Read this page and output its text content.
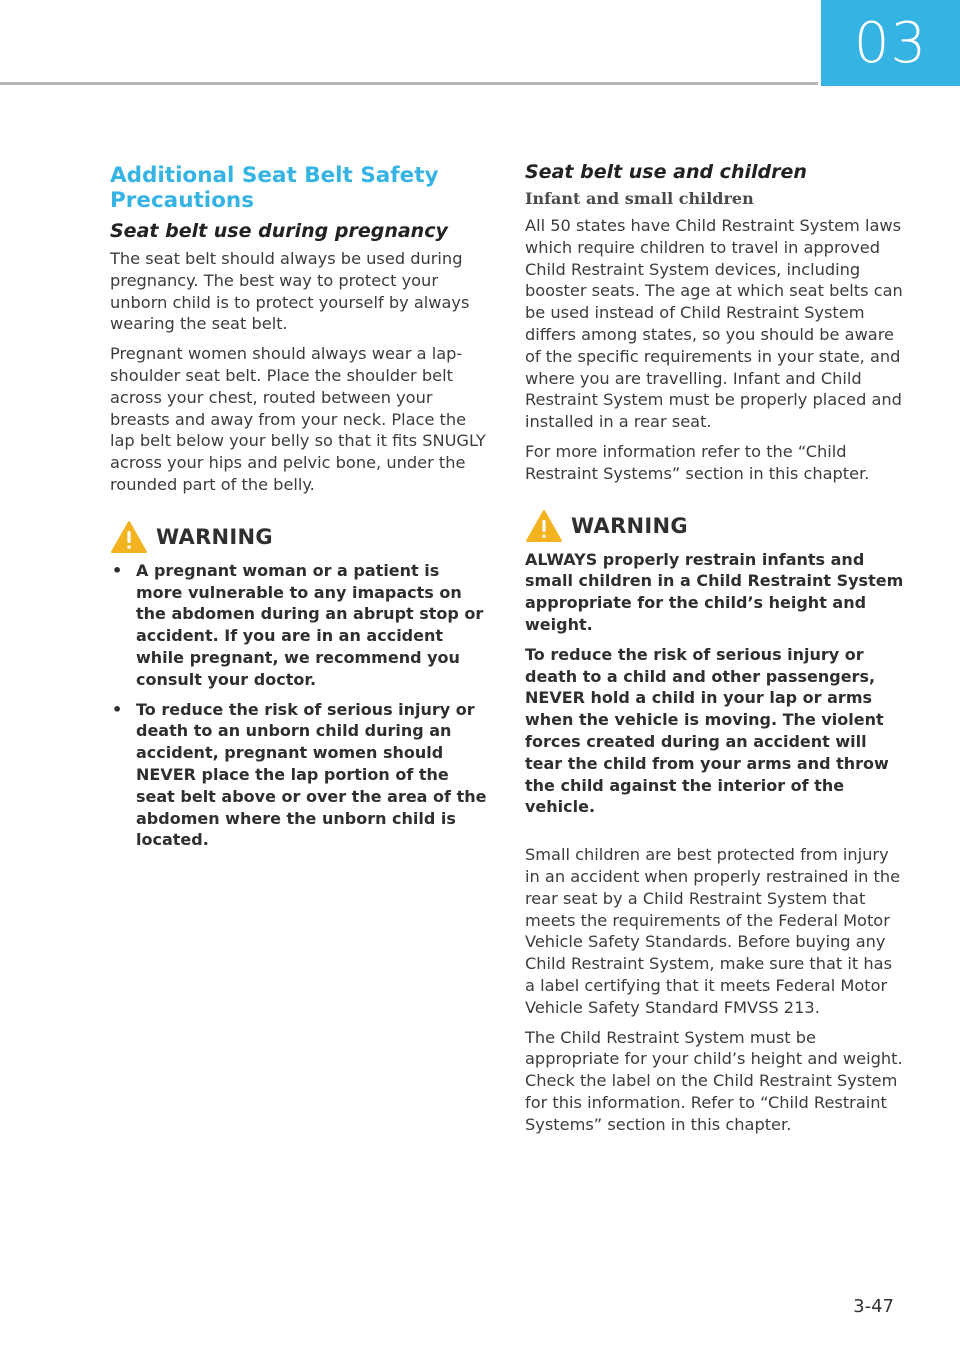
03
Additional Seat Belt Safety Precautions
Seat belt use during pregnancy

The seat belt should always be used during pregnancy. The best way to protect your unborn child is to protect yourself by always wearing the seat belt.

Pregnant women should always wear a lap-shoulder seat belt. Place the shoulder belt across your chest, routed between your breasts and away from your neck. Place the lap belt below your belly so that it fits SNUGLY across your hips and pelvic bone, under the rounded part of the belly.

WARNING
• A pregnant woman or a patient is more vulnerable to any imapacts on the abdomen during an abrupt stop or accident. If you are in an accident while pregnant, we recommend you consult your doctor.
• To reduce the risk of serious injury or death to an unborn child during an accident, pregnant women should NEVER place the lap portion of the seat belt above or over the area of the abdomen where the unborn child is located.
Seat belt use and children
Infant and small children

All 50 states have Child Restraint System laws which require children to travel in approved Child Restraint System devices, including booster seats. The age at which seat belts can be used instead of Child Restraint System differs among states, so you should be aware of the specific requirements in your state, and where you are travelling. Infant and Child Restraint System must be properly placed and installed in a rear seat.

For more information refer to the “Child Restraint Systems” section in this chapter.

WARNING

ALWAYS properly restrain infants and small children in a Child Restraint System appropriate for the child’s height and weight.

To reduce the risk of serious injury or death to a child and other passengers, NEVER hold a child in your lap or arms when the vehicle is moving. The violent forces created during an accident will tear the child from your arms and throw the child against the interior of the vehicle.

Small children are best protected from injury in an accident when properly restrained in the rear seat by a Child Restraint System that meets the requirements of the Federal Motor Vehicle Safety Standards. Before buying any Child Restraint System, make sure that it has a label certifying that it meets Federal Motor Vehicle Safety Standard FMVSS 213.

The Child Restraint System must be appropriate for your child’s height and weight. Check the label on the Child Restraint System for this information. Refer to “Child Restraint Systems” section in this chapter.

3-47
